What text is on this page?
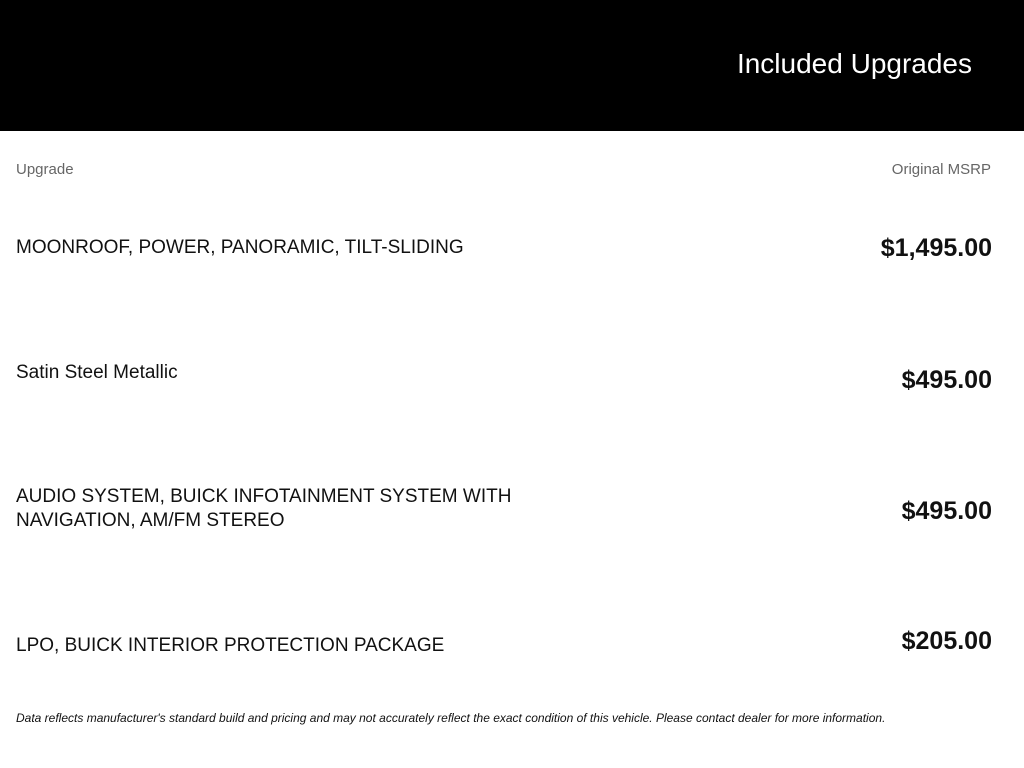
Included Upgrades
Upgrade	Original MSRP
MOONROOF, POWER, PANORAMIC, TILT-SLIDING	$1,495.00
Satin Steel Metallic	$495.00
AUDIO SYSTEM, BUICK INFOTAINMENT SYSTEM WITH NAVIGATION, AM/FM STEREO	$495.00
LPO, BUICK INTERIOR PROTECTION PACKAGE	$205.00
Data reflects manufacturer's standard build and pricing and may not accurately reflect the exact condition of this vehicle. Please contact dealer for more information.
